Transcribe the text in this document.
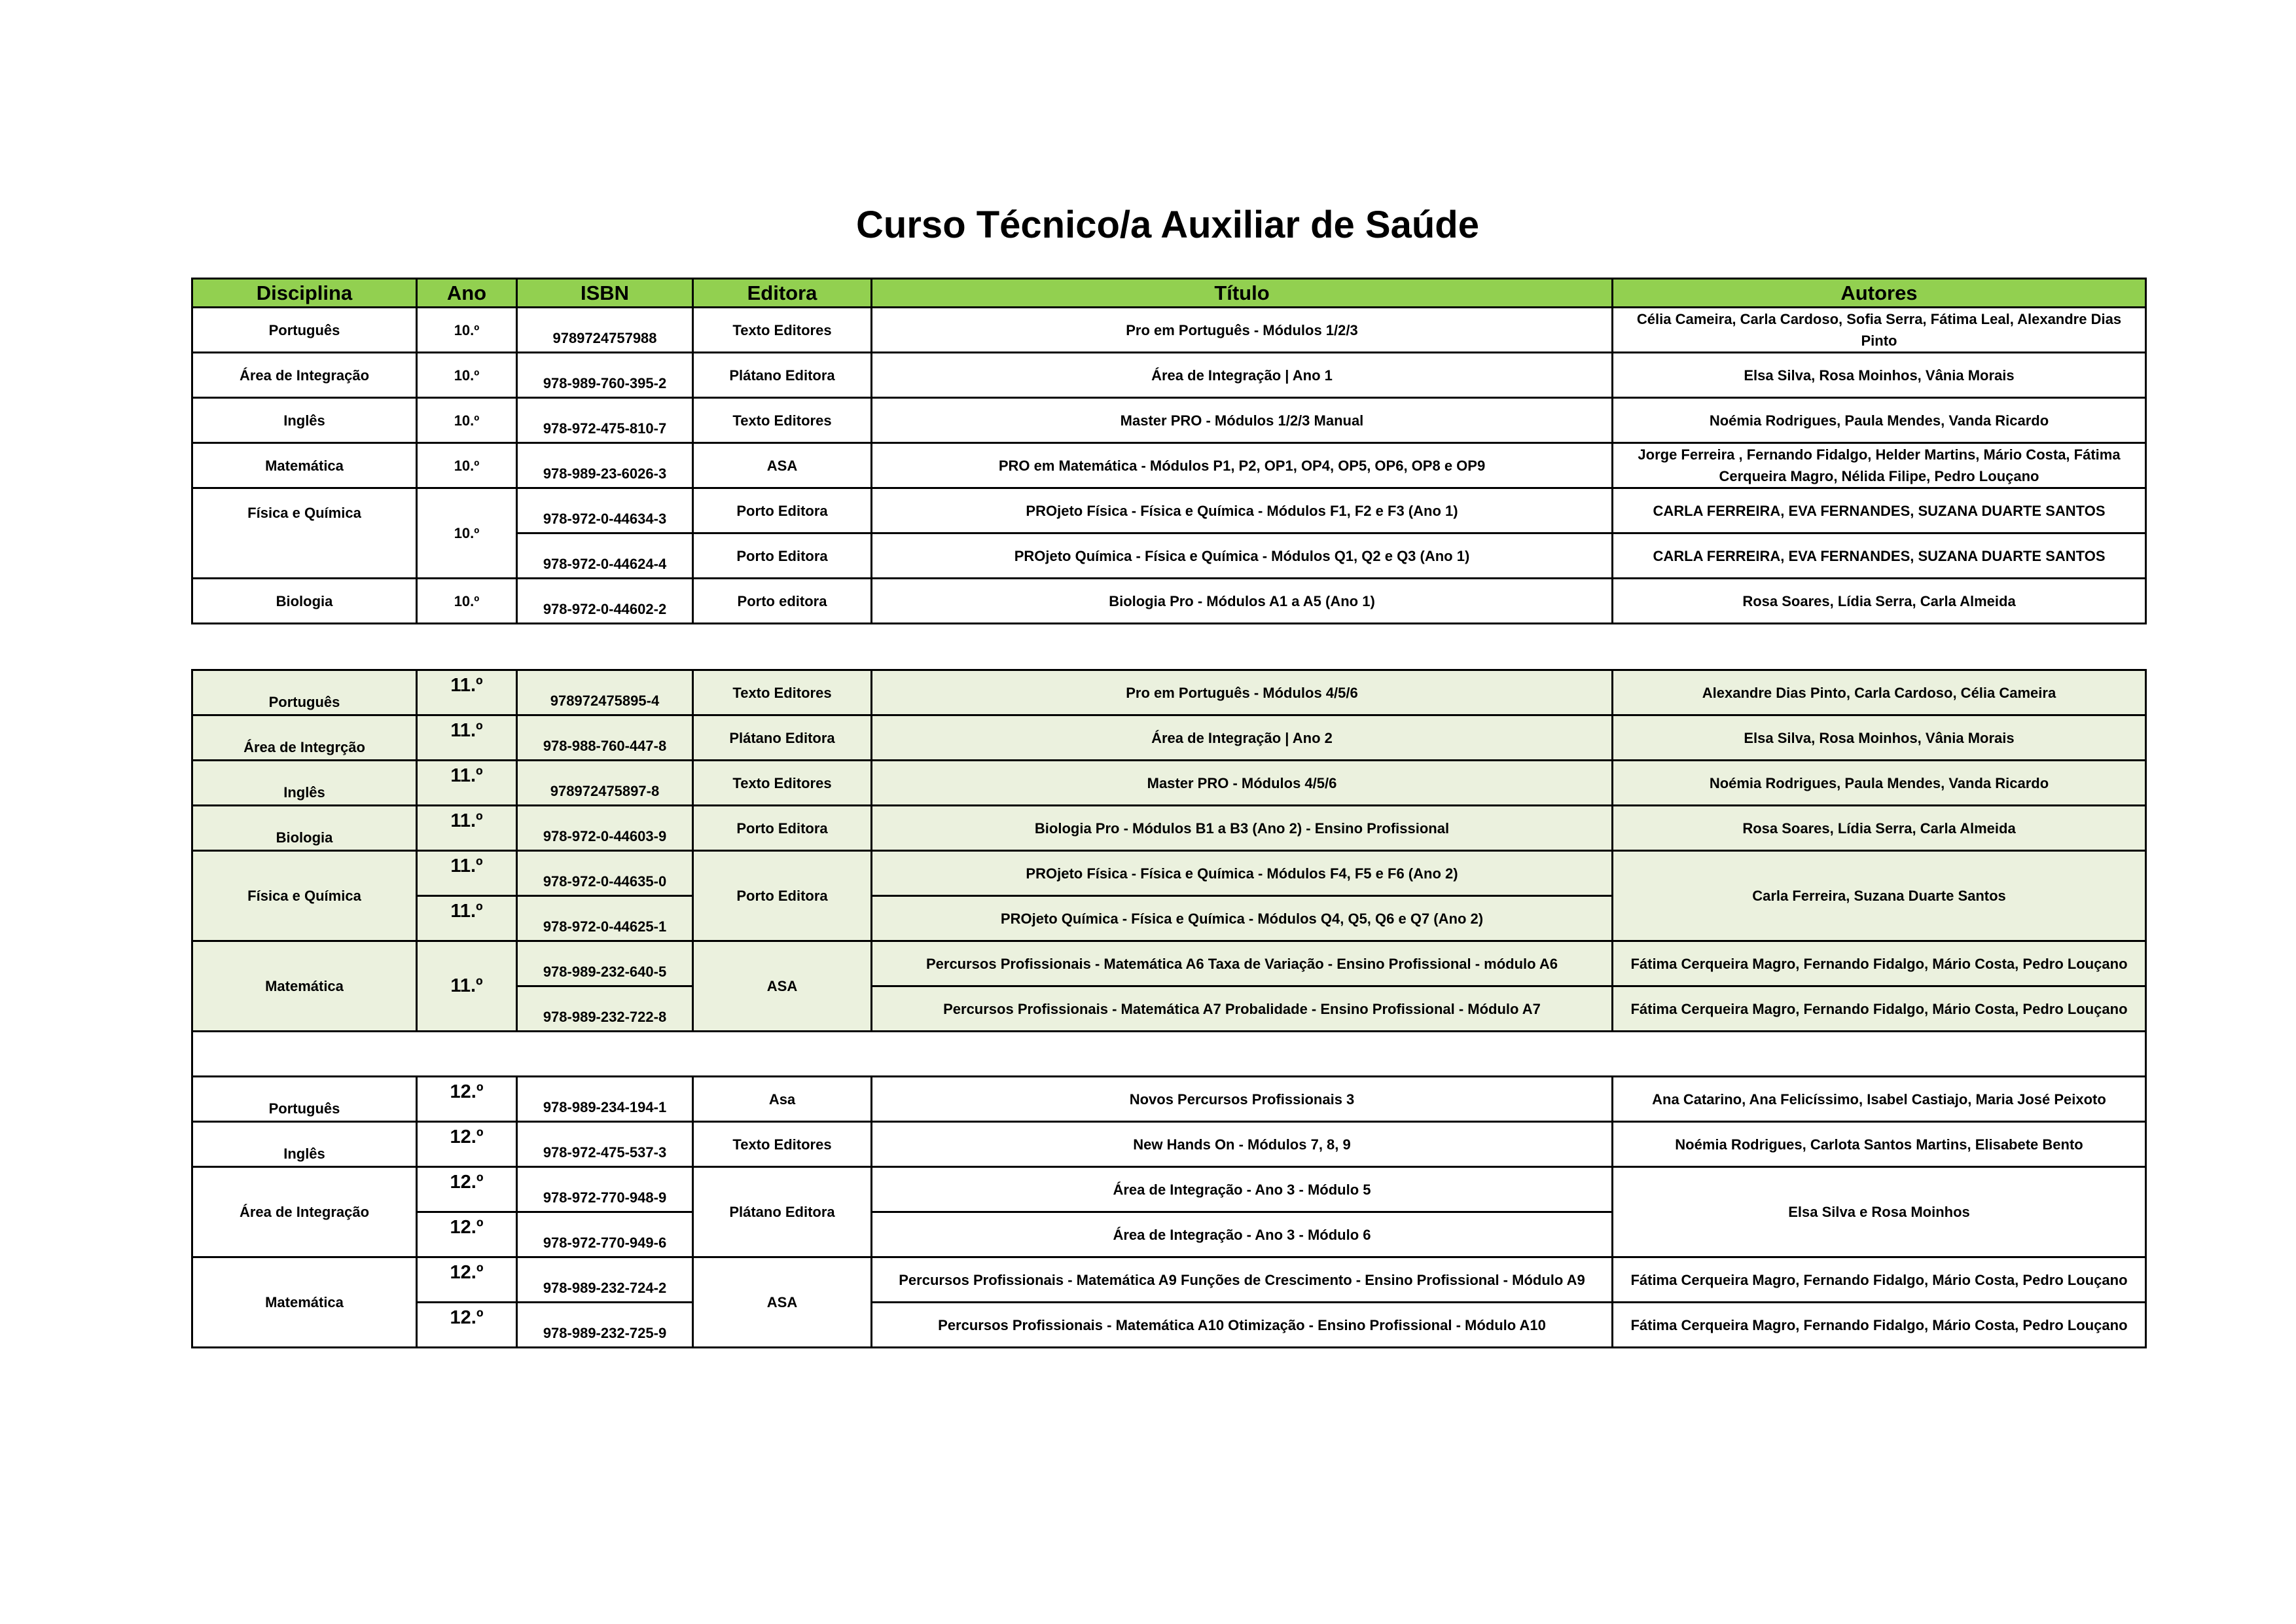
Curso Técnico/a Auxiliar de Saúde
Disciplina	Ano	ISBN	Editora	Título	Autores
Português	10.º	9789724757988	Texto Editores	Pro em Português - Módulos 1/2/3	Célia Cameira, Carla Cardoso, Sofia Serra, Fátima Leal, Alexandre Dias Pinto
Área de Integração	10.º	978-989-760-395-2	Plátano Editora	Área de Integração | Ano 1	Elsa Silva, Rosa Moinhos, Vânia Morais
Inglês	10.º	978-972-475-810-7	Texto Editores	Master PRO - Módulos 1/2/3 Manual	Noémia Rodrigues, Paula Mendes, Vanda Ricardo
Matemática	10.º	978-989-23-6026-3	ASA	PRO em Matemática - Módulos P1, P2, OP1, OP4, OP5, OP6, OP8 e OP9	Jorge Ferreira , Fernando Fidalgo, Helder Martins, Mário Costa, Fátima Cerqueira Magro, Nélida Filipe, Pedro Louçano
Física e Química	10.º	978-972-0-44634-3	Porto Editora	PROjeto Física - Física e Química - Módulos F1, F2 e F3 (Ano 1)	CARLA FERREIRA, EVA FERNANDES, SUZANA DUARTE SANTOS
		978-972-0-44624-4	Porto Editora	PROjeto Química - Física e Química - Módulos Q1, Q2 e Q3 (Ano 1)	CARLA FERREIRA, EVA FERNANDES, SUZANA DUARTE SANTOS
Biologia	10.º	978-972-0-44602-2	Porto editora	Biologia Pro - Módulos A1 a A5 (Ano 1)	Rosa Soares, Lídia Serra, Carla Almeida
Português	11.º	978972475895-4	Texto Editores	Pro em Português - Módulos 4/5/6	Alexandre Dias Pinto, Carla Cardoso, Célia Cameira
Área de Integrção	11.º	978-988-760-447-8	Plátano Editora	Área de Integração | Ano 2	Elsa Silva, Rosa Moinhos, Vânia Morais
Inglês	11.º	978972475897-8	Texto Editores	Master PRO - Módulos 4/5/6	Noémia Rodrigues, Paula Mendes, Vanda Ricardo
Biologia	11.º	978-972-0-44603-9	Porto Editora	Biologia Pro - Módulos B1 a B3 (Ano 2) - Ensino Profissional	Rosa Soares, Lídia Serra, Carla Almeida
Física e Química	11.º	978-972-0-44635-0	Porto Editora	PROjeto Física - Física e Química - Módulos F4, F5 e F6 (Ano 2)	Carla Ferreira, Suzana Duarte Santos
	11.º	978-972-0-44625-1		PROjeto Química - Física e Química - Módulos Q4, Q5, Q6 e Q7 (Ano 2)	
Matemática	11.º	978-989-232-640-5	ASA	Percursos Profissionais - Matemática A6 Taxa de Variação - Ensino Profissional - módulo A6	Fátima Cerqueira Magro, Fernando Fidalgo, Mário Costa, Pedro Louçano
		978-989-232-722-8		Percursos Profissionais - Matemática A7 Probalidade - Ensino Profissional - Módulo A7	Fátima Cerqueira Magro, Fernando Fidalgo, Mário Costa, Pedro Louçano

Português	12.º	978-989-234-194-1	Asa	Novos Percursos Profissionais 3	Ana Catarino, Ana Felicíssimo, Isabel Castiajo, Maria José Peixoto
Inglês	12.º	978-972-475-537-3	Texto Editores	New Hands On - Módulos 7, 8, 9	Noémia Rodrigues, Carlota Santos Martins, Elisabete Bento
Área de Integração	12.º	978-972-770-948-9	Plátano Editora	Área de Integração - Ano 3 - Módulo 5	Elsa Silva e Rosa Moinhos
	12.º	978-972-770-949-6		Área de Integração - Ano 3 - Módulo 6	
Matemática	12.º	978-989-232-724-2	ASA	Percursos Profissionais - Matemática A9 Funções de Crescimento - Ensino Profissional - Módulo A9	Fátima Cerqueira Magro, Fernando Fidalgo, Mário Costa, Pedro Louçano
	12.º	978-989-232-725-9		Percursos Profissionais - Matemática A10 Otimização - Ensino Profissional - Módulo A10	Fátima Cerqueira Magro, Fernando Fidalgo, Mário Costa, Pedro Louçano
